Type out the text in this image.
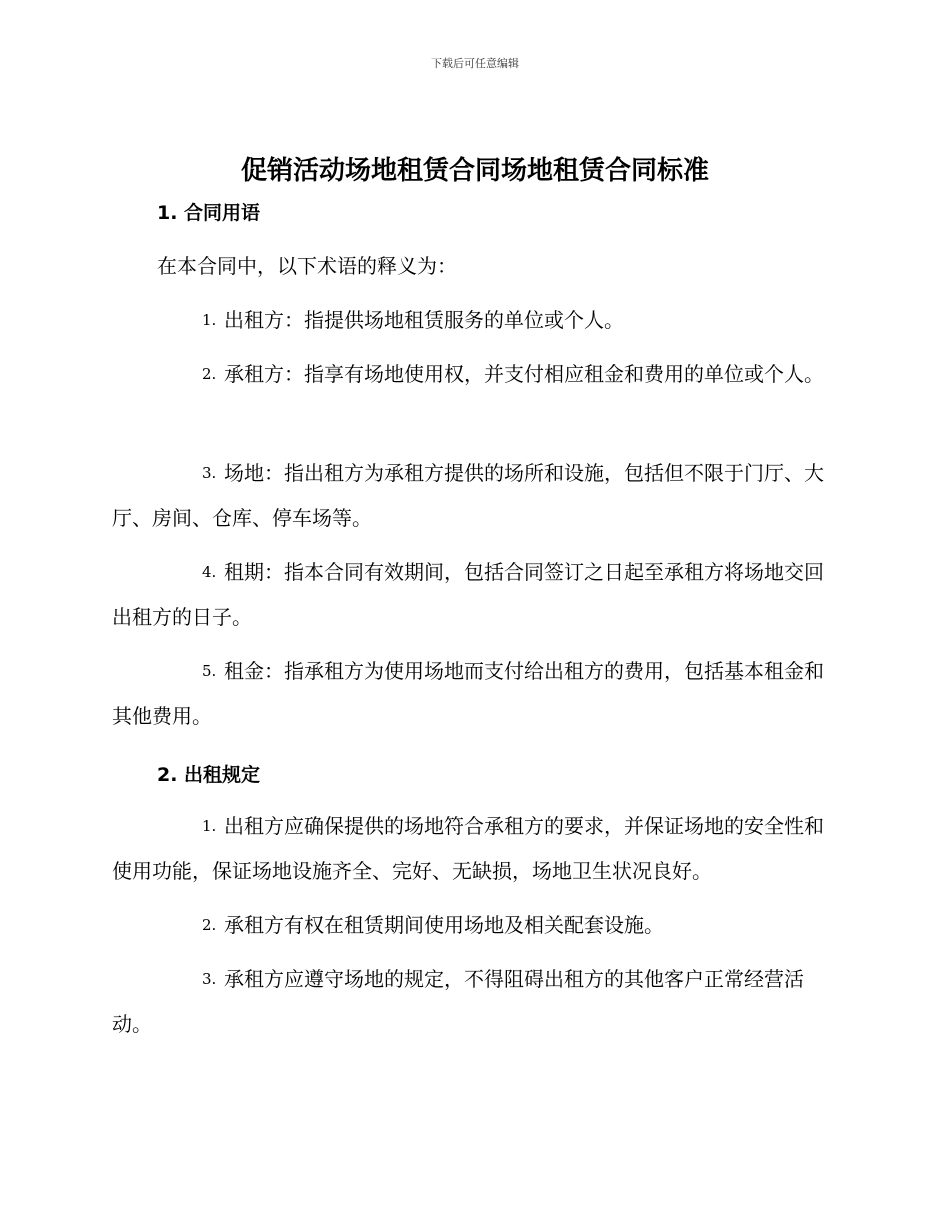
下载后可任意编辑
促销活动场地租赁合同场地租赁合同标准
1. 合同用语

在本合同中，以下术语的释义为：

1. 出租方：指提供场地租赁服务的单位或个人。

2. 承租方：指享有场地使用权，并支付相应租金和费用的单位或个人。

3. 场地：指出租方为承租方提供的场所和设施，包括但不限于门厅、大厅、房间、仓库、停车场等。

4. 租期：指本合同有效期间，包括合同签订之日起至承租方将场地交回出租方的日子。

5. 租金：指承租方为使用场地而支付给出租方的费用，包括基本租金和其他费用。

2. 出租规定

1. 出租方应确保提供的场地符合承租方的要求，并保证场地的安全性和使用功能，保证场地设施齐全、完好、无缺损，场地卫生状况良好。

2. 承租方有权在租赁期间使用场地及相关配套设施。

3. 承租方应遵守场地的规定，不得阻碍出租方的其他客户正常经营活动。
